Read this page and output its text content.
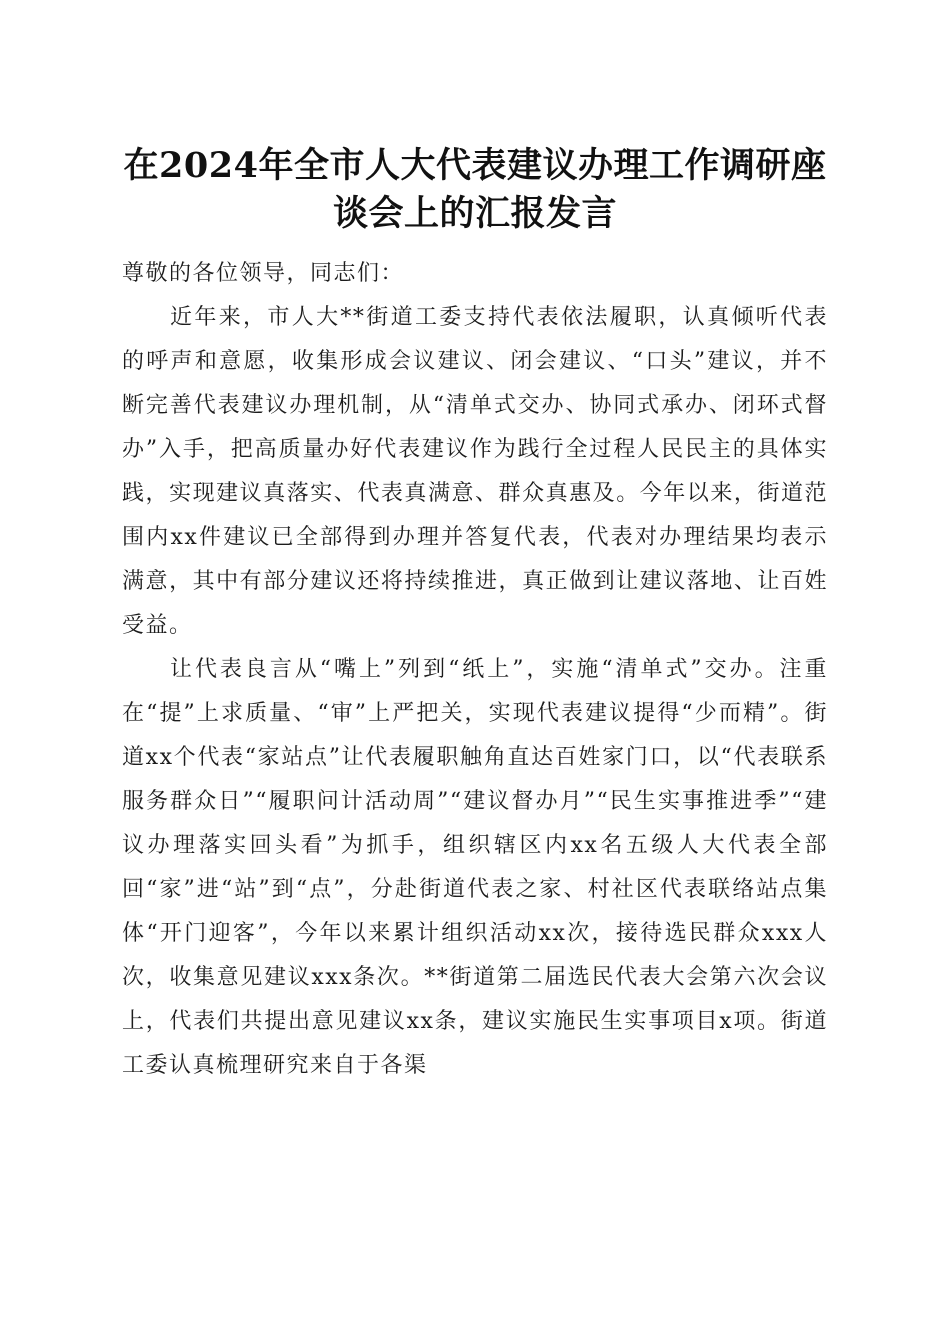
在2024年全市人大代表建议办理工作调研座
谈会上的汇报发言

尊敬的各位领导，同志们：

近年来，市人大**街道工委支持代表依法履职，认真倾听代表的呼声和意愿，收集形成会议建议、闭会建议、“口头”建议，并不断完善代表建议办理机制，从“清单式交办、协同式承办、闭环式督办”入手，把高质量办好代表建议作为践行全过程人民民主的具体实践，实现建议真落实、代表真满意、群众真惠及。今年以来，街道范围内xx件建议已全部得到办理并答复代表，代表对办理结果均表示满意，其中有部分建议还将持续推进，真正做到让建议落地、让百姓受益。

让代表良言从“嘴上”列到“纸上”，实施“清单式”交办。注重在“提”上求质量、“审”上严把关，实现代表建议提得“少而精”。街道xx个代表“家站点”让代表履职触角直达百姓家门口，以“代表联系服务群众日”“履职问计活动周”“建议督办月”“民生实事推进季”“建议办理落实回头看”为抓手，组织辖区内xx名五级人大代表全部回“家”进“站”到“点”，分赴街道代表之家、村社区代表联络站点集体“开门迎客”，今年以来累计组织活动xx次，接待选民群众xxx人次，收集意见建议xxx条次。**街道第二届选民代表大会第六次会议上，代表们共提出意见建议xx条，建议实施民生实事项目x项。街道工委认真梳理研究来自于各渠
